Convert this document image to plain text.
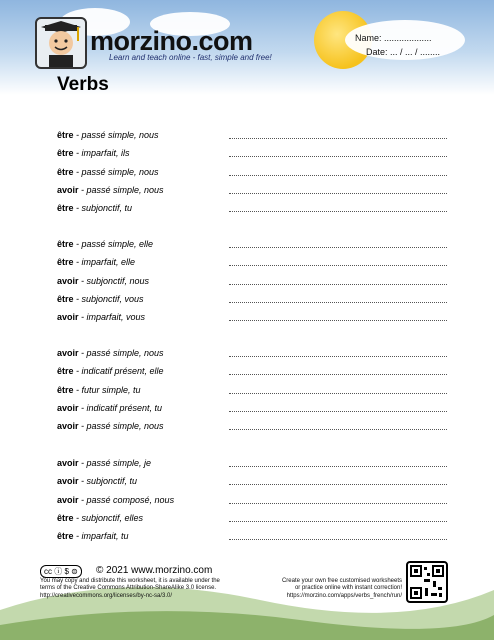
morzino.com
Learn and teach online - fast, simple and free!
Name: ...................
Date: ... / ... / ........
Verbs
être - passé simple, nous
être - imparfait, ils
être - passé simple, nous
avoir - passé simple, nous
être - subjonctif, tu
être - passé simple, elle
être - imparfait, elle
avoir - subjonctif, nous
être - subjonctif, vous
avoir - imparfait, vous
avoir - passé simple, nous
être - indicatif présent, elle
être - futur simple, tu
avoir - indicatif présent, tu
avoir - passé simple, nous
avoir - passé simple, je
avoir - subjonctif, tu
avoir - passé composé, nous
être - subjonctif, elles
être - imparfait, tu
cc ⓘ $ ⊜	© 2021 www.morzino.com
You may copy and distribute this worksheet, it is available under the
terms of the Creative Commons Attribution-ShareAlike 3.0 license.
http://creativecommons.org/licenses/by-nc-sa/3.0/
Create your own free customised worksheets
or practice online with instant correction!
https://morzino.com/apps/verbs_french/run/
